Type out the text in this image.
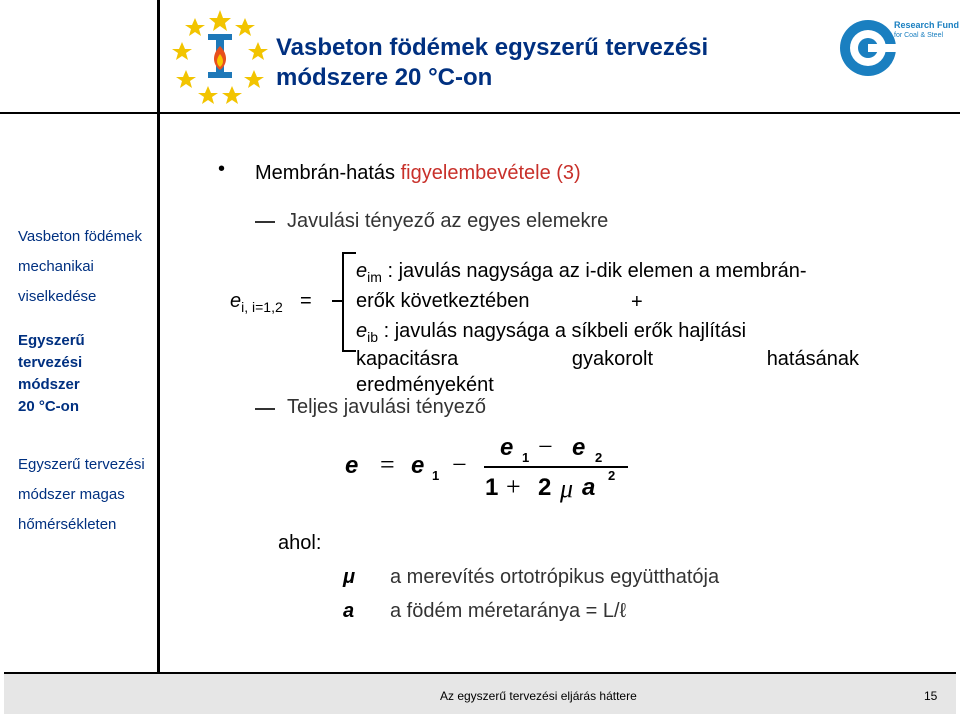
Vasbeton födémek egyszerű tervezési
módszere 20 °C-on
Research Fund
for Coal & Steel
Vasbeton födémek
mechanikai
viselkedése
Egyszerű
tervezési
módszer
20 °C-on
Egyszerű tervezési
módszer magas
hőmérsékleten
• Membrán-hatás figyelembevétele (3)
Javulási tényező az egyes elemekre
$e_{i, i=1,2}$ =
$e_{im}$ : javulás nagysága az i-dik elemen a membrán-
erők következtében	+
$e_{ib}$ : javulás nagysága a síkbeli erők hajlítási
kapacitásra	gyakorolt	hatásának
eredményeként
Teljes javulási tényező
e = e 1 −
e 1 − e 2
1 + 2 μ a 2
ahol:
μ a merevítés ortotrópikus együtthatója
a a födém méretaránya = L/ℓ
Az egyszerű tervezési eljárás háttere	15
